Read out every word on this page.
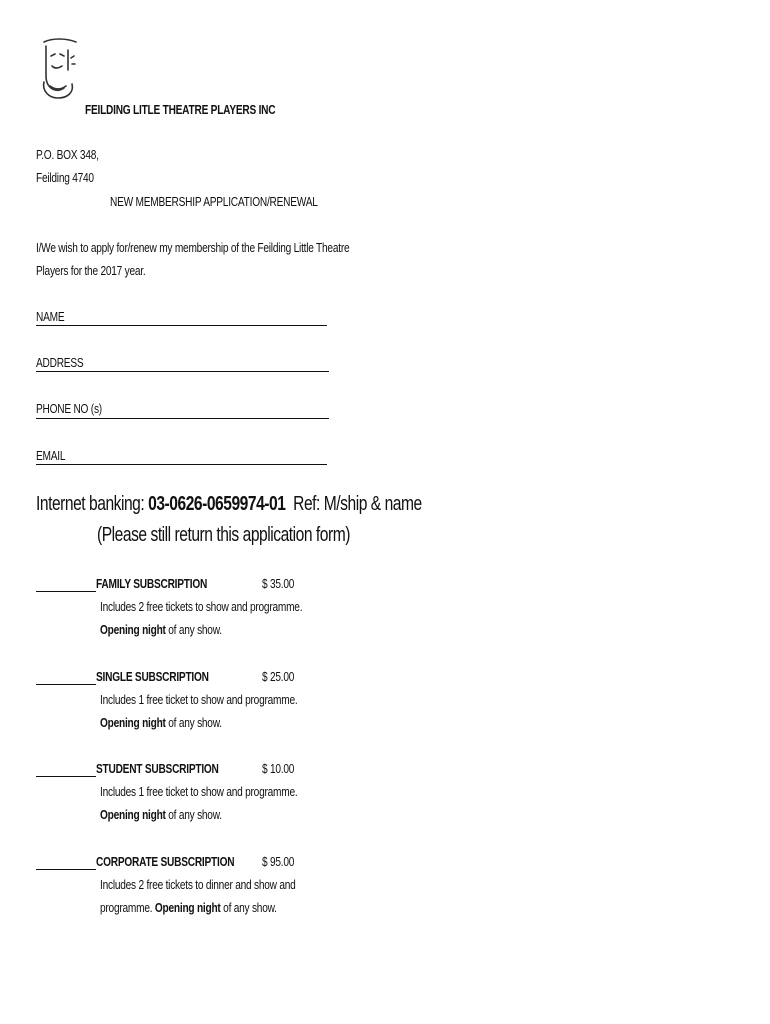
FEILDING LITLE THEATRE PLAYERS INC
P.O. BOX 348,
Feilding 4740
NEW MEMBERSHIP APPLICATION/RENEWAL
I/We wish to apply for/renew my membership of the Feilding Little Theatre
Players for the 2017 year.
NAME
ADDRESS
PHONE NO (s)
EMAIL
Internet banking: 03-0626-0659974-01  Ref: M/ship & name
(Please still return this application form)
FAMILY SUBSCRIPTION	$ 35.00
Includes 2 free tickets to show and programme.
Opening night of any show.
SINGLE SUBSCRIPTION	$ 25.00
Includes 1 free ticket to show and programme.
Opening night of any show.
STUDENT SUBSCRIPTION	$ 10.00
Includes 1 free ticket to show and programme.
Opening night of any show.
CORPORATE SUBSCRIPTION	$ 95.00
Includes 2 free tickets to dinner and show and
programme. Opening night of any show.
